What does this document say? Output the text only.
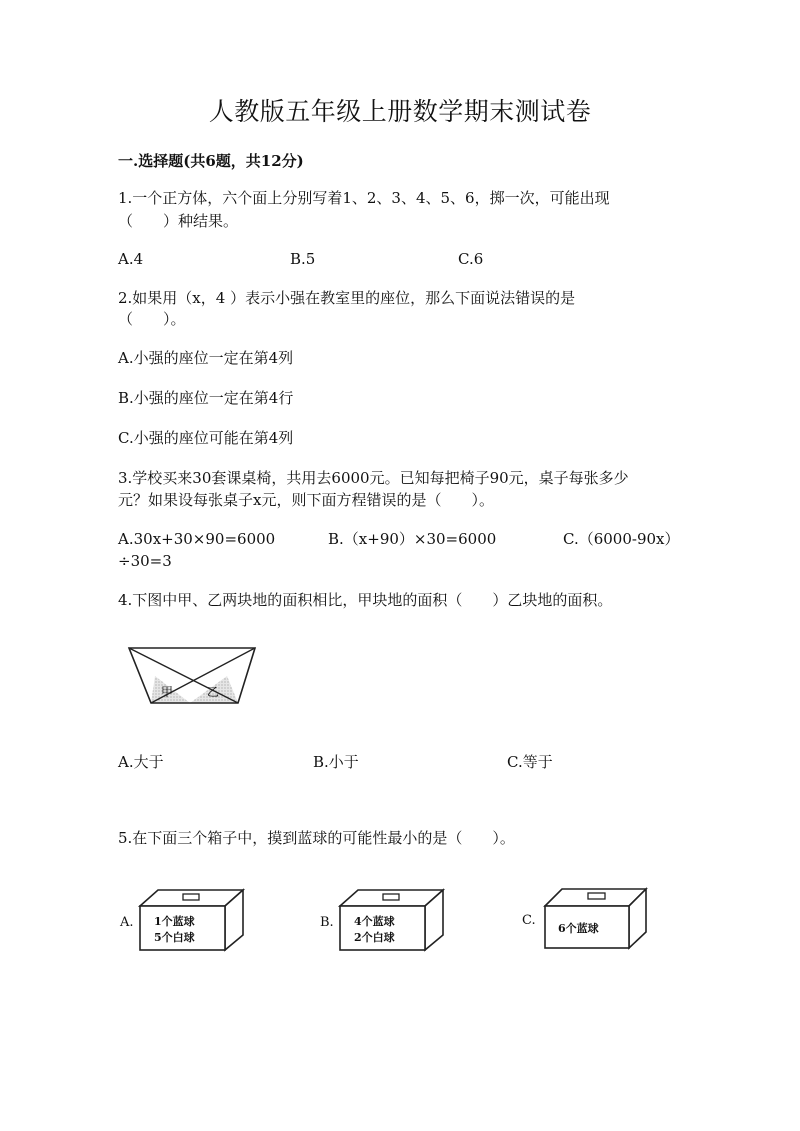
人教版五年级上册数学期末测试卷
一.选择题(共6题，共12分)
1.一个正方体，六个面上分别写着1、2、3、4、5、6，掷一次，可能出现
（　　）种结果。
A.4	B.5	C.6
2.如果用（x，4 ）表示小强在教室里的座位，那么下面说法错误的是
（　　）。
A.小强的座位一定在第4列
B.小强的座位一定在第4行
C.小强的座位可能在第4列
3.学校买来30套课桌椅，共用去6000元。已知每把椅子90元，桌子每张多少
元？如果设每张桌子x元，则下面方程错误的是（　　）。
A.30x+30×90=6000	B.（x+90）×30=6000	C.（6000-90x）
÷30=3
4.下图中甲、乙两块地的面积相比，甲块地的面积（　　）乙块地的面积。
甲	乙
A.大于	B.小于	C.等于
5.在下面三个箱子中，摸到蓝球的可能性最小的是（　　）。
A. 1个蓝球
5个白球
B. 4个蓝球
2个白球
C.
6个蓝球
